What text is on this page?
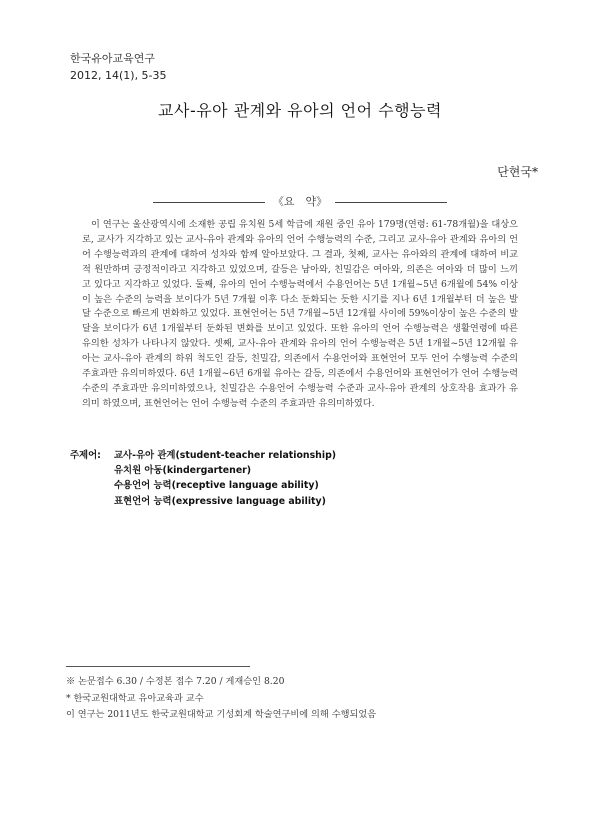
한국유아교육연구
2012, 14(1), 5-35
교사-유아 관계와 유아의 언어 수행능력
단현국*
《요　약》

이 연구는 울산광역시에 소재한 공립 유치원 5세 학급에 재원 중인 유아 179명(연령: 61-78개월)을 대상으로, 교사가 지각하고 있는 교사-유아 관계와 유아의 언어 수행능력의 수준, 그리고 교사-유아 관계와 유아의 언어 수행능력과의 관계에 대하여 성차와 함께 알아보았다. 그 결과, 첫째, 교사는 유아와의 관계에 대하여 비교적 원만하며 긍정적이라고 지각하고 있었으며, 갈등은 남아와, 친밀감은 여아와, 의존은 여아와 더 많이 느끼고 있다고 지각하고 있었다. 둘째, 유아의 언어 수행능력에서 수용언어는 5년 1개월~5년 6개월에 54% 이상이 높은 수준의 능력을 보이다가 5년 7개월 이후 다소 둔화되는 듯한 시기를 지나 6년 1개월부터 더 높은 발달 수준으로 빠르게 변화하고 있었다. 표현언어는 5년 7개월~5년 12개월 사이에 59%이상이 높은 수준의 발달을 보이다가 6년 1개월부터 둔화된 변화를 보이고 있었다. 또한 유아의 언어 수행능력은 생활연령에 따른 유의한 성차가 나타나지 않았다. 셋째, 교사-유아 관계와 유아의 언어 수행능력은 5년 1개월~5년 12개월 유아는 교사-유아 관계의 하위 척도인 갈등, 친밀감, 의존에서 수용언어와 표현언어 모두 언어 수행능력 수준의 주효과만 유의미하였다. 6년 1개월~6년 6개월 유아는 갈등, 의존에서 수용언어와 표현언어가 언어 수행능력 수준의 주효과만 유의미하였으나, 친밀감은 수용언어 수행능력 수준과 교사-유아 관계의 상호작용 효과가 유의미 하였으며, 표현언어는 언어 수행능력 수준의 주효과만 유의미하였다.

주제어: 교사-유아 관계(student-teacher relationship)
유치원 아동(kindergartener)
수용언어 능력(receptive language ability)
표현언어 능력(expressive language ability)
※ 논문접수 6.30 / 수정본 접수 7.20 / 게재승인 8.20
* 한국교원대학교 유아교육과 교수
이 연구는 2011년도 한국교원대학교 기성회계 학술연구비에 의해 수행되었음
